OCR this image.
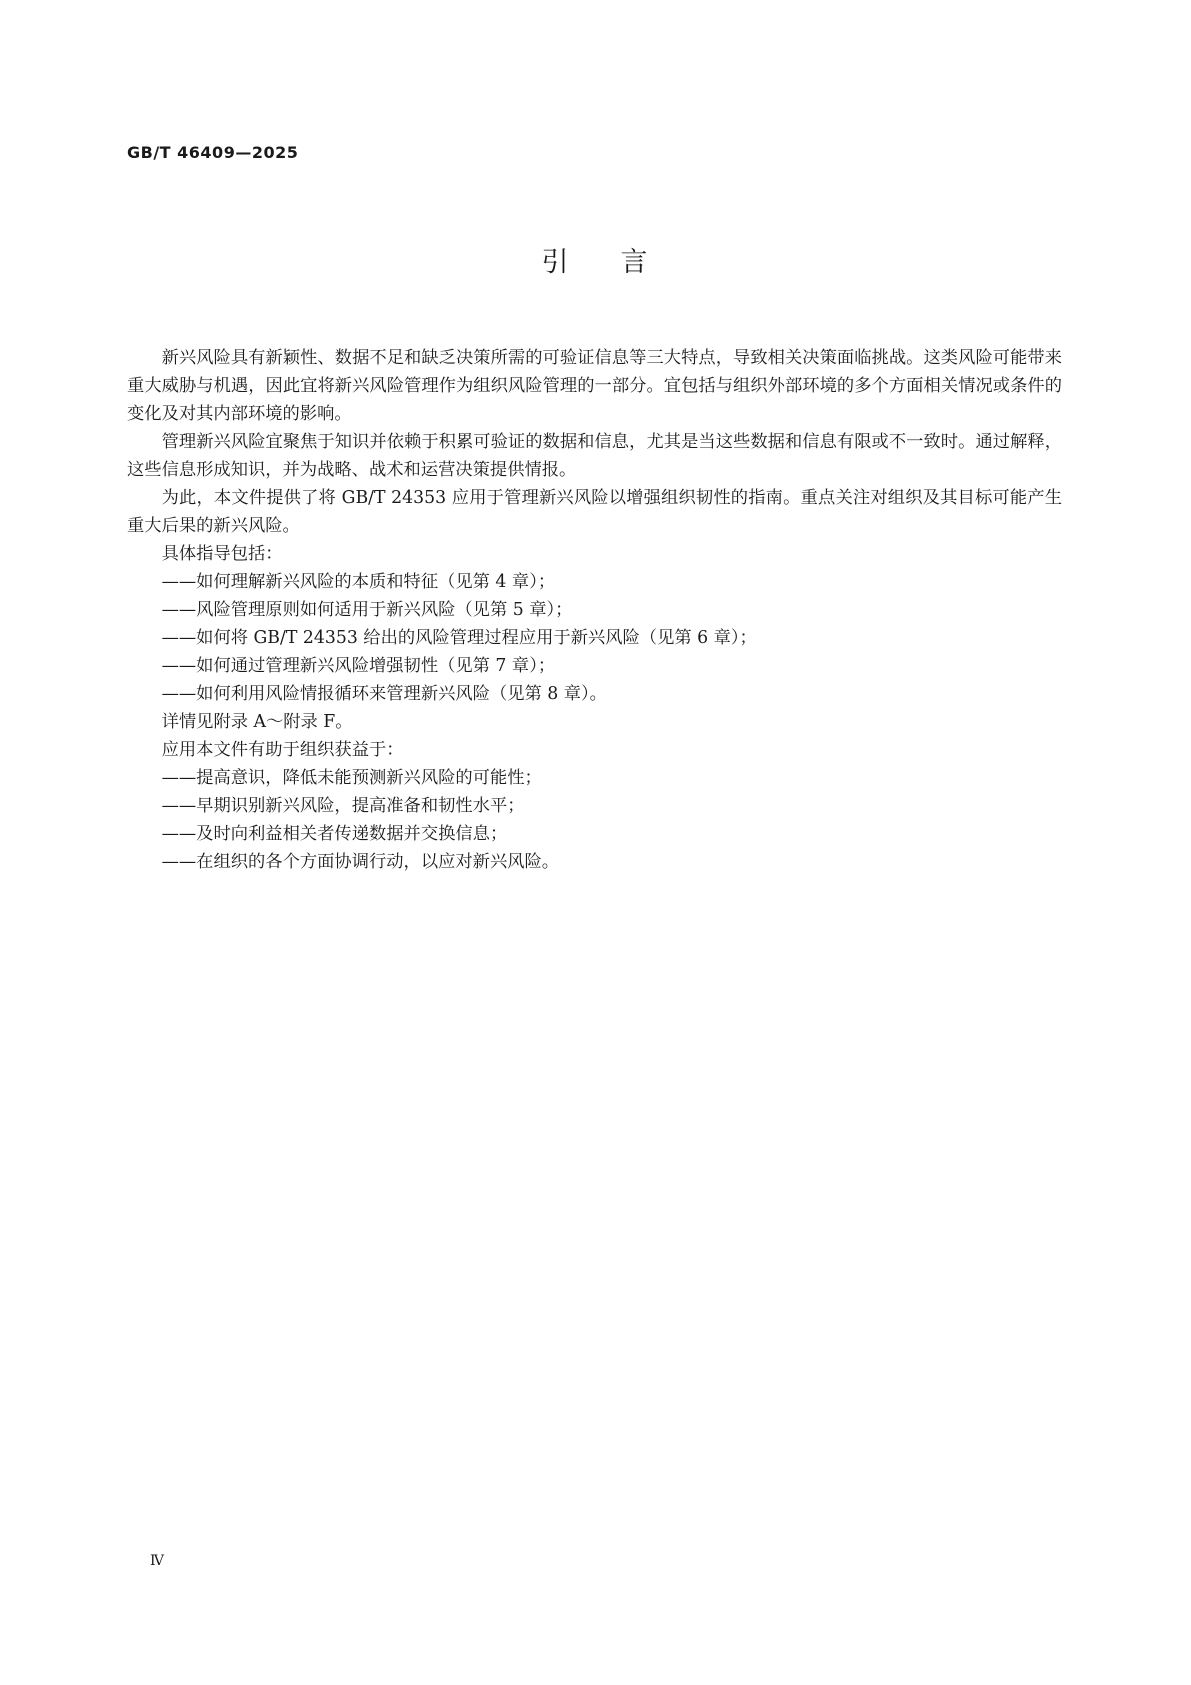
GB/T 46409—2025
引 言

新兴风险具有新颖性、数据不足和缺乏决策所需的可验证信息等三大特点，导致相关决策面临挑战。这类风险可能带来重大威胁与机遇，因此宜将新兴风险管理作为组织风险管理的一部分。宜包括与组织外部环境的多个方面相关情况或条件的变化及对其内部环境的影响。

管理新兴风险宜聚焦于知识并依赖于积累可验证的数据和信息，尤其是当这些数据和信息有限或不一致时。通过解释，这些信息形成知识，并为战略、战术和运营决策提供情报。

为此，本文件提供了将 GB/T 24353 应用于管理新兴风险以增强组织韧性的指南。重点关注对组织及其目标可能产生重大后果的新兴风险。

具体指导包括：

——如何理解新兴风险的本质和特征（见第 4 章）；

——风险管理原则如何适用于新兴风险（见第 5 章）；

——如何将 GB/T 24353 给出的风险管理过程应用于新兴风险（见第 6 章）；

——如何通过管理新兴风险增强韧性（见第 7 章）；

——如何利用风险情报循环来管理新兴风险（见第 8 章）。

详情见附录 A～附录 F。

应用本文件有助于组织获益于：

——提高意识，降低未能预测新兴风险的可能性；

——早期识别新兴风险，提高准备和韧性水平；

——及时向利益相关者传递数据并交换信息；

——在组织的各个方面协调行动，以应对新兴风险。

Ⅳ
